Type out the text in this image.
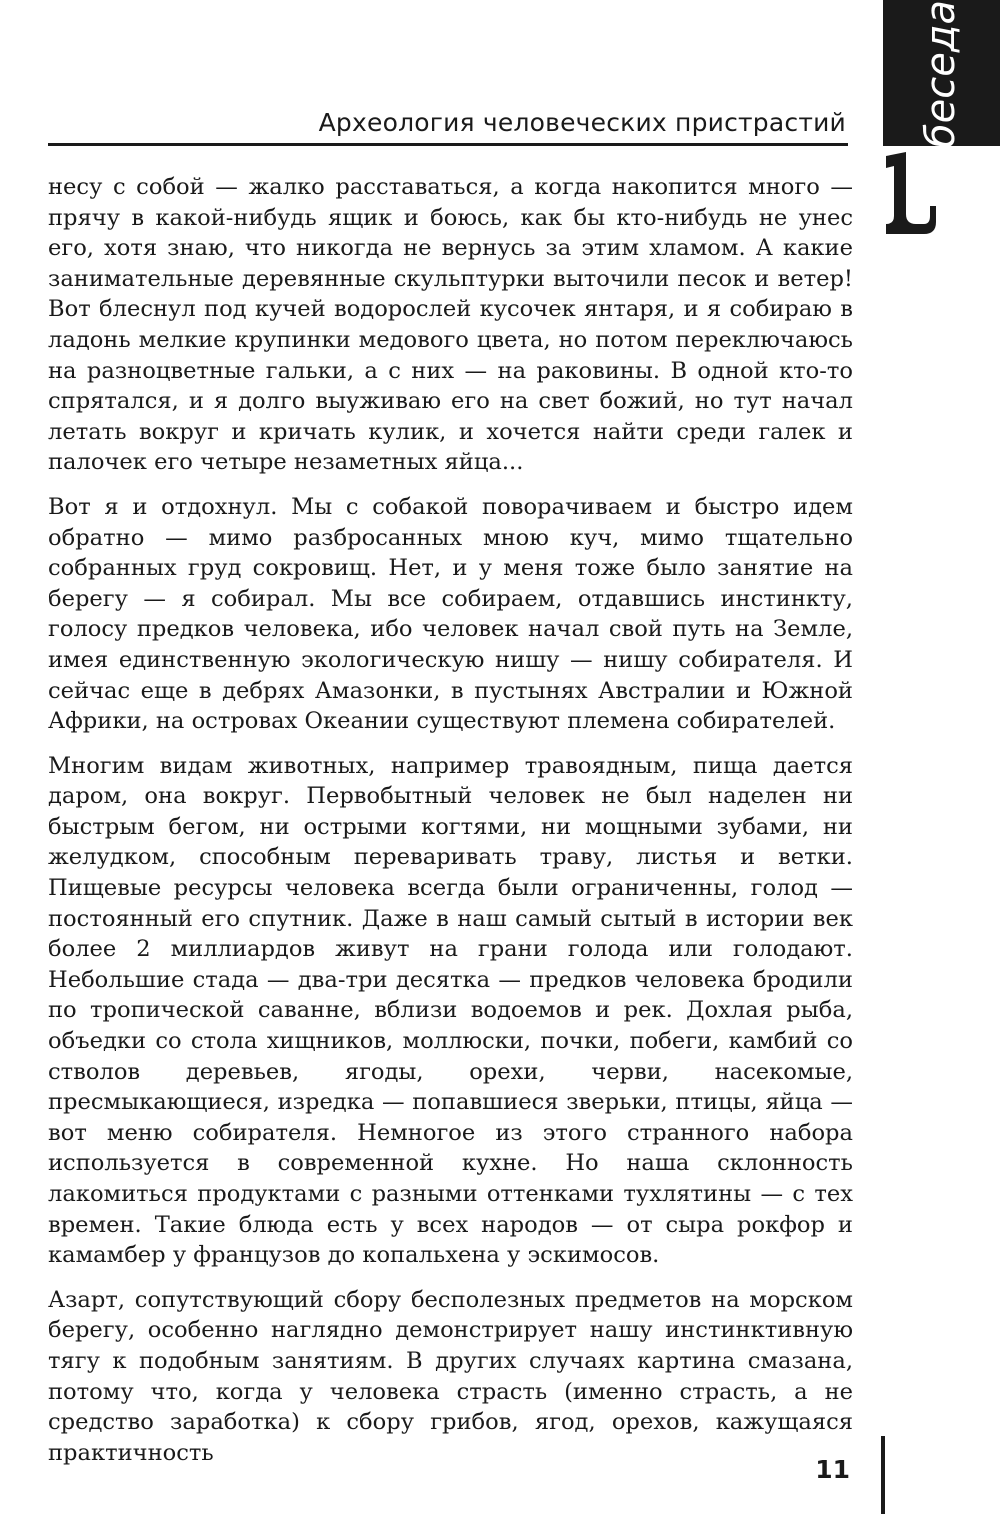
Археология человеческих пристрастий беседа

несу с собой — жалко расставаться, а когда накопится много — прячу в какой-нибудь ящик и боюсь, как бы кто-нибудь не унес его, хотя знаю, что никогда не вернусь за этим хламом. А какие занимательные деревянные скульптурки выточили песок и ветер! Вот блеснул под кучей водорослей кусочек янтаря, и я собираю в ладонь мелкие крупинки медового цвета, но потом переключаюсь на разноцветные гальки, а с них — на раковины. В одной кто-то спрятался, и я долго выуживаю его на свет божий, но тут начал летать вокруг и кричать кулик, и хочется найти среди галек и палочек его четыре незаметных яйца...

Вот я и отдохнул. Мы с собакой поворачиваем и быстро идем обратно — мимо разбросанных мною куч, мимо тщательно собранных груд сокровищ. Нет, и у меня тоже было занятие на берегу — я собирал. Мы все собираем, отдавшись инстинкту, голосу предков человека, ибо человек начал свой путь на Земле, имея единственную экологическую нишу — нишу собирателя. И сейчас еще в дебрях Амазонки, в пустынях Австралии и Южной Африки, на островах Океании существуют племена собирателей.

Многим видам животных, например травоядным, пища дается даром, она вокруг. Первобытный человек не был наделен ни быстрым бегом, ни острыми когтями, ни мощными зубами, ни желудком, способным переваривать траву, листья и ветки. Пищевые ресурсы человека всегда были ограниченны, голод — постоянный его спутник. Даже в наш самый сытый в истории век более 2 миллиардов живут на грани голода или голодают. Небольшие стада — два-три десятка — предков человека бродили по тропической саванне, вблизи водоемов и рек. Дохлая рыба, объедки со стола хищников, моллюски, почки, побеги, камбий со стволов деревьев, ягоды, орехи, черви, насекомые, пресмыкающиеся, изредка — попавшиеся зверьки, птицы, яйца — вот меню собирателя. Немногое из этого странного набора используется в современной кухне. Но наша склонность лакомиться продуктами с разными оттенками тухлятины — с тех времен. Такие блюда есть у всех народов — от сыра рокфор и камамбер у французов до копальхена у эскимосов.

Азарт, сопутствующий сбору бесполезных предметов на морском берегу, особенно наглядно демонстрирует нашу инстинктивную тягу к подобным занятиям. В других случаях картина смазана, потому что, когда у человека страсть (именно страсть, а не средство заработка) к сбору грибов, ягод, орехов, кажущаяся практичность

11
